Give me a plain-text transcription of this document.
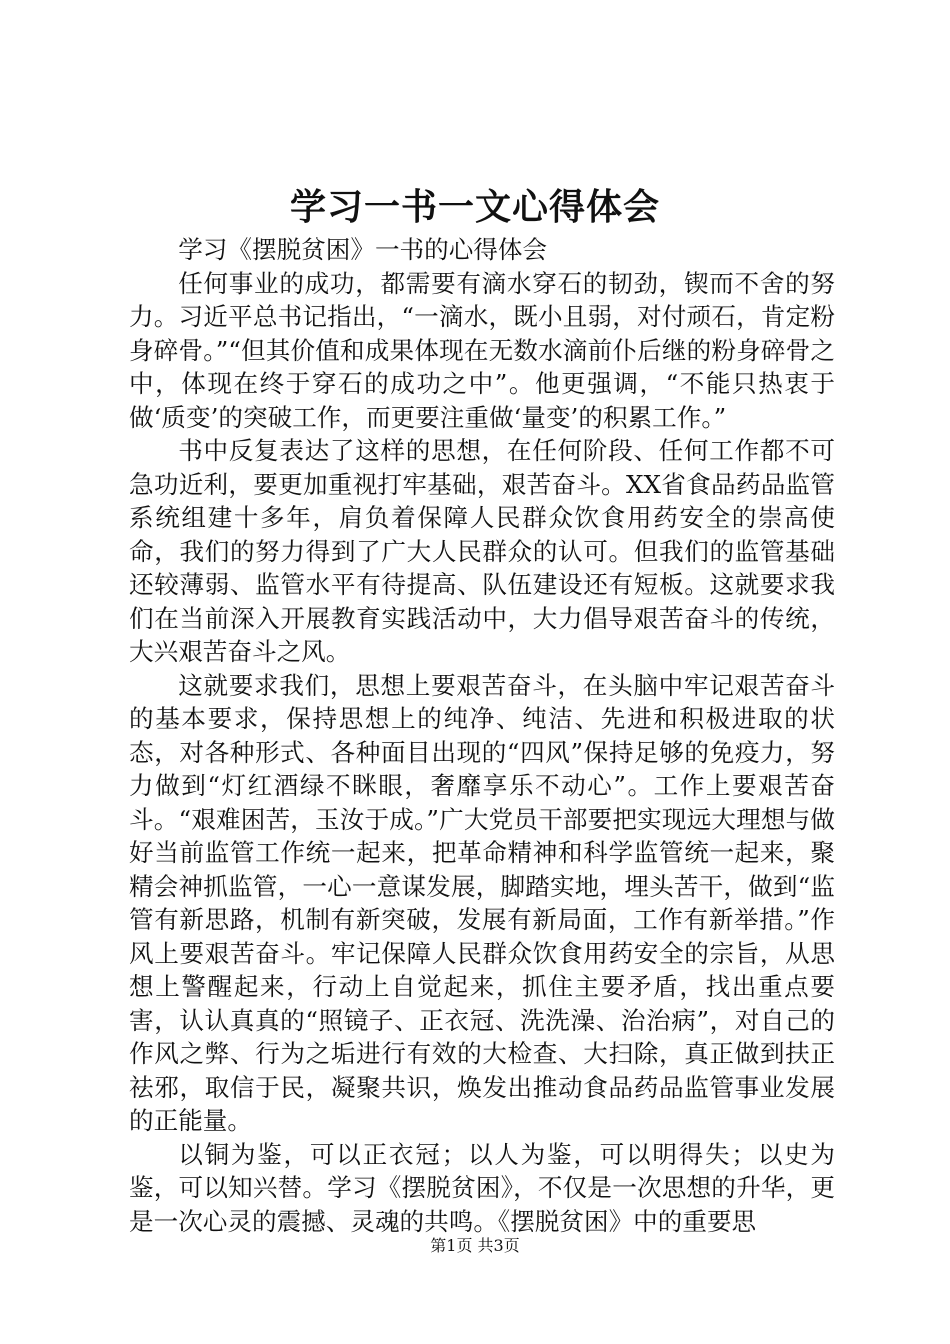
学习一书一文心得体会

学习《摆脱贫困》一书的心得体会

任何事业的成功，都需要有滴水穿石的韧劲，锲而不舍的努力。习近平总书记指出，“一滴水，既小且弱，对付顽石，肯定粉身碎骨。”“但其价值和成果体现在无数水滴前仆后继的粉身碎骨之中，体现在终于穿石的成功之中”。他更强调，“不能只热衷于做‘质变’的突破工作，而更要注重做‘量变’的积累工作。”

书中反复表达了这样的思想，在任何阶段、任何工作都不可急功近利，要更加重视打牢基础，艰苦奋斗。XX省食品药品监管系统组建十多年，肩负着保障人民群众饮食用药安全的崇高使命，我们的努力得到了广大人民群众的认可。但我们的监管基础还较薄弱、监管水平有待提高、队伍建设还有短板。这就要求我们在当前深入开展教育实践活动中，大力倡导艰苦奋斗的传统，大兴艰苦奋斗之风。

这就要求我们，思想上要艰苦奋斗，在头脑中牢记艰苦奋斗的基本要求，保持思想上的纯净、纯洁、先进和积极进取的状态，对各种形式、各种面目出现的“四风”保持足够的免疫力，努力做到“灯红酒绿不眯眼，奢靡享乐不动心”。工作上要艰苦奋斗。“艰难困苦，玉汝于成。”广大党员干部要把实现远大理想与做好当前监管工作统一起来，把革命精神和科学监管统一起来，聚精会神抓监管，一心一意谋发展，脚踏实地，埋头苦干，做到“监管有新思路，机制有新突破，发展有新局面，工作有新举措。”作风上要艰苦奋斗。牢记保障人民群众饮食用药安全的宗旨，从思想上警醒起来，行动上自觉起来，抓住主要矛盾，找出重点要害，认认真真的“照镜子、正衣冠、洗洗澡、治治病”，对自己的作风之弊、行为之垢进行有效的大检查、大扫除，真正做到扶正祛邪，取信于民，凝聚共识，焕发出推动食品药品监管事业发展的正能量。

以铜为鉴，可以正衣冠；以人为鉴，可以明得失；以史为鉴，可以知兴替。学习《摆脱贫困》，不仅是一次思想的升华，更是一次心灵的震撼、灵魂的共鸣。《摆脱贫困》中的重要思

第1页 共3页
